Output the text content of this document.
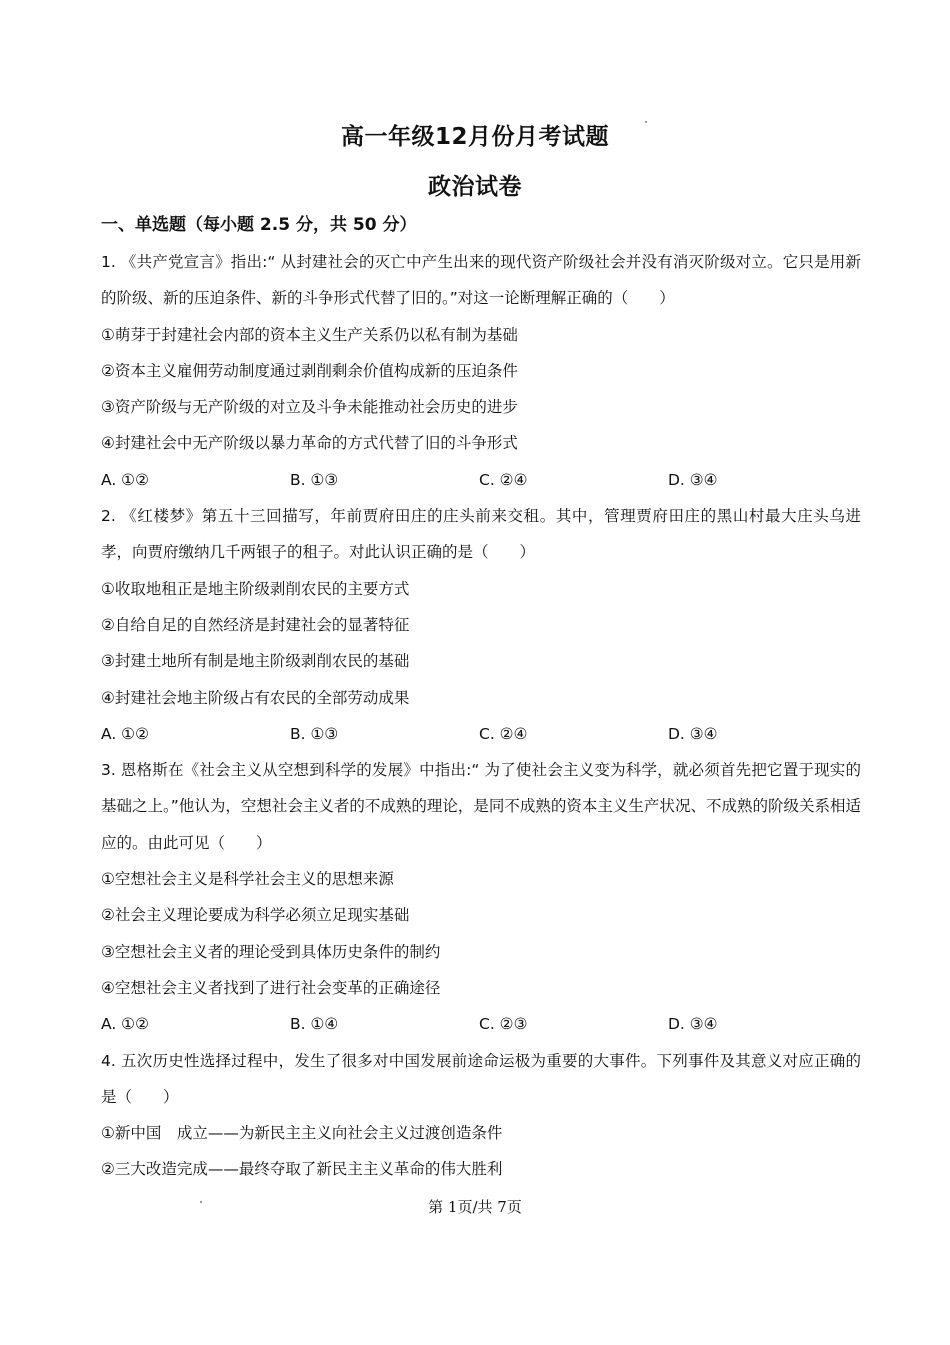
高一年级12月份月考试题
政治试卷
一、单选题（每小题 2.5 分，共 50 分）

1. 《共产党宣言》指出:“ 从封建社会的灭亡中产生出来的现代资产阶级社会并没有消灭阶级对立。它只是用新的阶级、新的压迫条件、新的斗争形式代替了旧的。”对这一论断理解正确的（　　）

①萌芽于封建社会内部的资本主义生产关系仍以私有制为基础

②资本主义雇佣劳动制度通过剥削剩余价值构成新的压迫条件

③资产阶级与无产阶级的对立及斗争未能推动社会历史的进步

④封建社会中无产阶级以暴力革命的方式代替了旧的斗争形式

A. ①②	B. ①③	C. ②④	D. ③④

2. 《红楼梦》第五十三回描写，年前贾府田庄的庄头前来交租。其中，管理贾府田庄的黑山村最大庄头乌进孝，向贾府缴纳几千两银子的租子。对此认识正确的是（　　）

①收取地租正是地主阶级剥削农民的主要方式

②自给自足的自然经济是封建社会的显著特征

③封建土地所有制是地主阶级剥削农民的基础

④封建社会地主阶级占有农民的全部劳动成果

A. ①②	B. ①③	C. ②④	D. ③④

3. 恩格斯在《社会主义从空想到科学的发展》中指出:“ 为了使社会主义变为科学，就必须首先把它置于现实的基础之上。”他认为，空想社会主义者的不成熟的理论，是同不成熟的资本主义生产状况、不成熟的阶级关系相适应的。由此可见（　　）

①空想社会主义是科学社会主义的思想来源

②社会主义理论要成为科学必须立足现实基础

③空想社会主义者的理论受到具体历史条件的制约

④空想社会主义者找到了进行社会变革的正确途径

A. ①②	B. ①④	C. ②③	D. ③④

4. 五次历史性选择过程中，发生了很多对中国发展前途命运极为重要的大事件。下列事件及其意义对应正确的是（　　）

①新中国　成立——为新民主主义向社会主义过渡创造条件

②三大改造完成——最终夺取了新民主主义革命的伟大胜利

第 1页/共 7页
